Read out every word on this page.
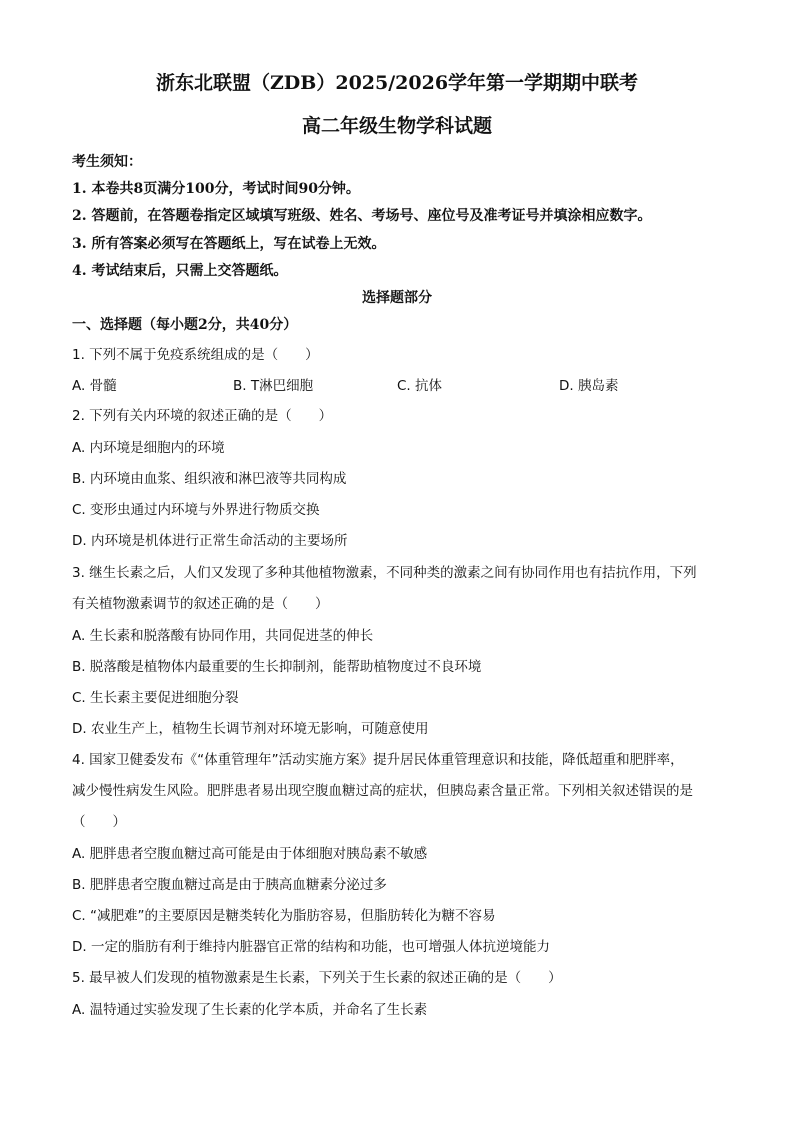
浙东北联盟（ZDB）2025/2026学年第一学期期中联考
高二年级生物学科试题
考生须知：
1. 本卷共8页满分100分，考试时间90分钟。
2. 答题前，在答题卷指定区域填写班级、姓名、考场号、座位号及准考证号并填涂相应数字。
3. 所有答案必须写在答题纸上，写在试卷上无效。
4. 考试结束后，只需上交答题纸。
选择题部分
一、选择题（每小题2分，共40分）
1. 下列不属于免疫系统组成的是（　　）
A. 骨髓	B. T淋巴细胞	C. 抗体	D. 胰岛素
2. 下列有关内环境的叙述正确的是（　　）
A. 内环境是细胞内的环境
B. 内环境由血浆、组织液和淋巴液等共同构成
C. 变形虫通过内环境与外界进行物质交换
D. 内环境是机体进行正常生命活动的主要场所
3. 继生长素之后，人们又发现了多种其他植物激素，不同种类的激素之间有协同作用也有拮抗作用，下列
有关植物激素调节的叙述正确的是（　　）
A. 生长素和脱落酸有协同作用，共同促进茎的伸长
B. 脱落酸是植物体内最重要的生长抑制剂，能帮助植物度过不良环境
C. 生长素主要促进细胞分裂
D. 农业生产上，植物生长调节剂对环境无影响，可随意使用
4. 国家卫健委发布《“体重管理年”活动实施方案》提升居民体重管理意识和技能，降低超重和肥胖率，
减少慢性病发生风险。肥胖患者易出现空腹血糖过高的症状，但胰岛素含量正常。下列相关叙述错误的是
（　　）
A. 肥胖患者空腹血糖过高可能是由于体细胞对胰岛素不敏感
B. 肥胖患者空腹血糖过高是由于胰高血糖素分泌过多
C. “减肥难”的主要原因是糖类转化为脂肪容易，但脂肪转化为糖不容易
D. 一定的脂肪有利于维持内脏器官正常的结构和功能，也可增强人体抗逆境能力
5. 最早被人们发现的植物激素是生长素，下列关于生长素的叙述正确的是（　　）
A. 温特通过实验发现了生长素的化学本质，并命名了生长素
